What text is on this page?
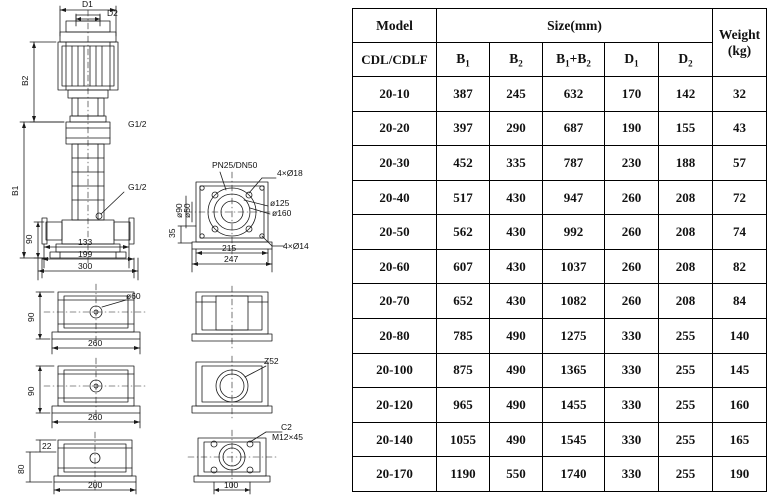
D1
D2
B2
B1
G1/2
G1/2
90	133
199
300
PN25/DN50
4×Ø18
ø90
ø50
ø125
ø160
35
215
247
4×Ø14
90
ø60
260
90
260
Z52
22
80
200
C2
M12×45
100
Model	Size(mm)					Weight
(kg)

CDL/CDLF	$B_1$	$B_2$	$B_1+B_2$	$D_1$	$D_2$
20-10	387	245	632	170	142	32
20-20	397	290	687	190	155	43
20-30	452	335	787	230	188	57
20-40	517	430	947	260	208	72
20-50	562	430	992	260	208	74
20-60	607	430	1037	260	208	82
20-70	652	430	1082	260	208	84
20-80	785	490	1275	330	255	140
20-100	875	490	1365	330	255	145
20-120	965	490	1455	330	255	160
20-140	1055	490	1545	330	255	165
20-170	1190	550	1740	330	255	190
